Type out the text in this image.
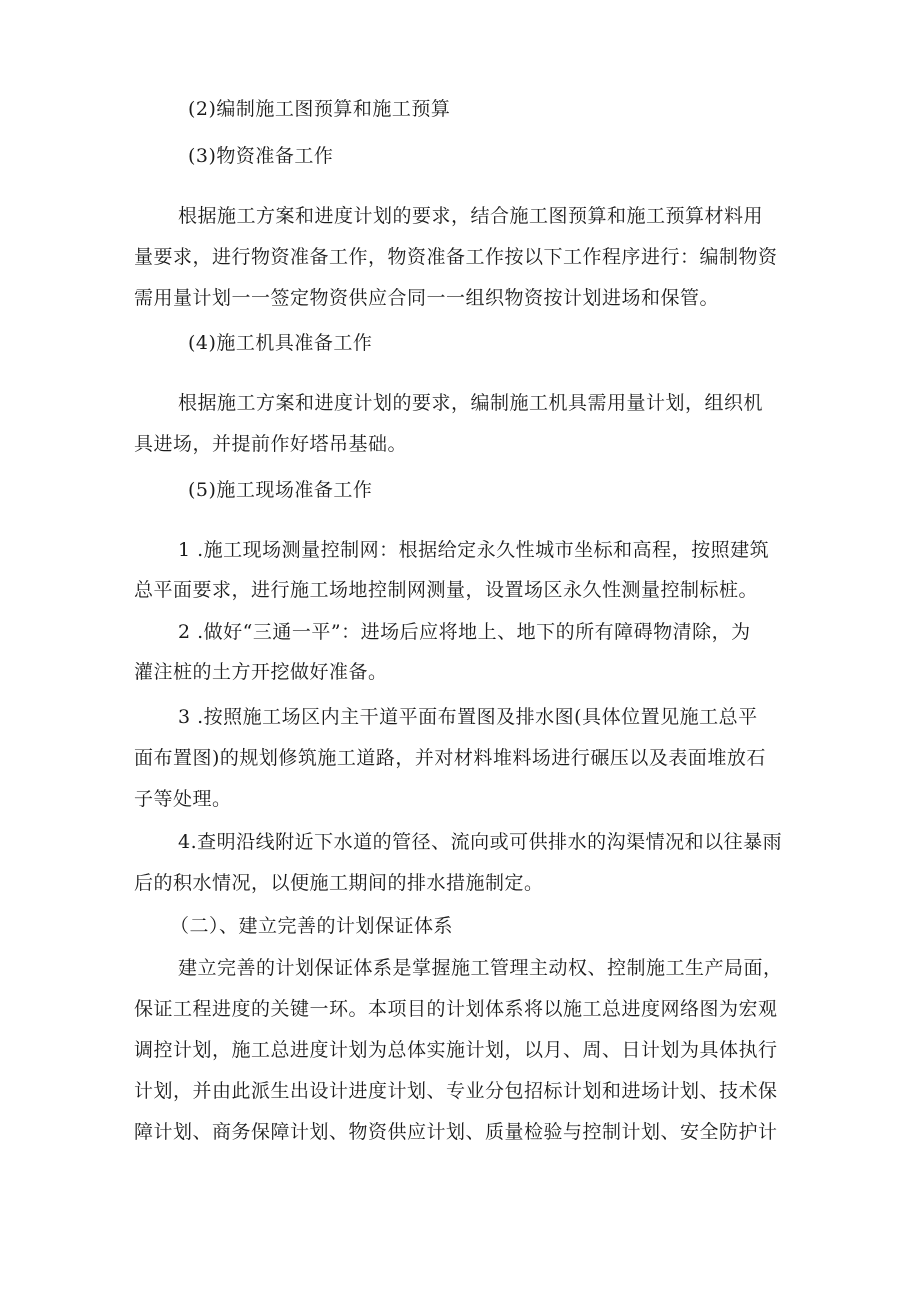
(2)编制施工图预算和施工预算
(3)物资准备工作
根据施工方案和进度计划的要求，结合施工图预算和施工预算材料用
量要求，进行物资准备工作，物资准备工作按以下工作程序进行：编制物资
需用量计划一一签定物资供应合同一一组织物资按计划进场和保管。
(4)施工机具准备工作
根据施工方案和进度计划的要求，编制施工机具需用量计划，组织机
具进场，并提前作好塔吊基础。
(5)施工现场准备工作
1 .施工现场测量控制网：根据给定永久性城市坐标和高程，按照建筑
总平面要求，进行施工场地控制网测量，设置场区永久性测量控制标桩。
2 .做好“三通一平”：进场后应将地上、地下的所有障碍物清除，为
灌注桩的土方开挖做好准备。
3 .按照施工场区内主干道平面布置图及排水图(具体位置见施工总平
面布置图)的规划修筑施工道路，并对材料堆料场进行碾压以及表面堆放石
子等处理。
4.查明沿线附近下水道的管径、流向或可供排水的沟渠情况和以往暴雨
后的积水情况，以便施工期间的排水措施制定。
（二）、建立完善的计划保证体系
建立完善的计划保证体系是掌握施工管理主动权、控制施工生产局面，
保证工程进度的关键一环。本项目的计划体系将以施工总进度网络图为宏观
调控计划，施工总进度计划为总体实施计划，以月、周、日计划为具体执行
计划，并由此派生出设计进度计划、专业分包招标计划和进场计划、技术保
障计划、商务保障计划、物资供应计划、质量检验与控制计划、安全防护计
